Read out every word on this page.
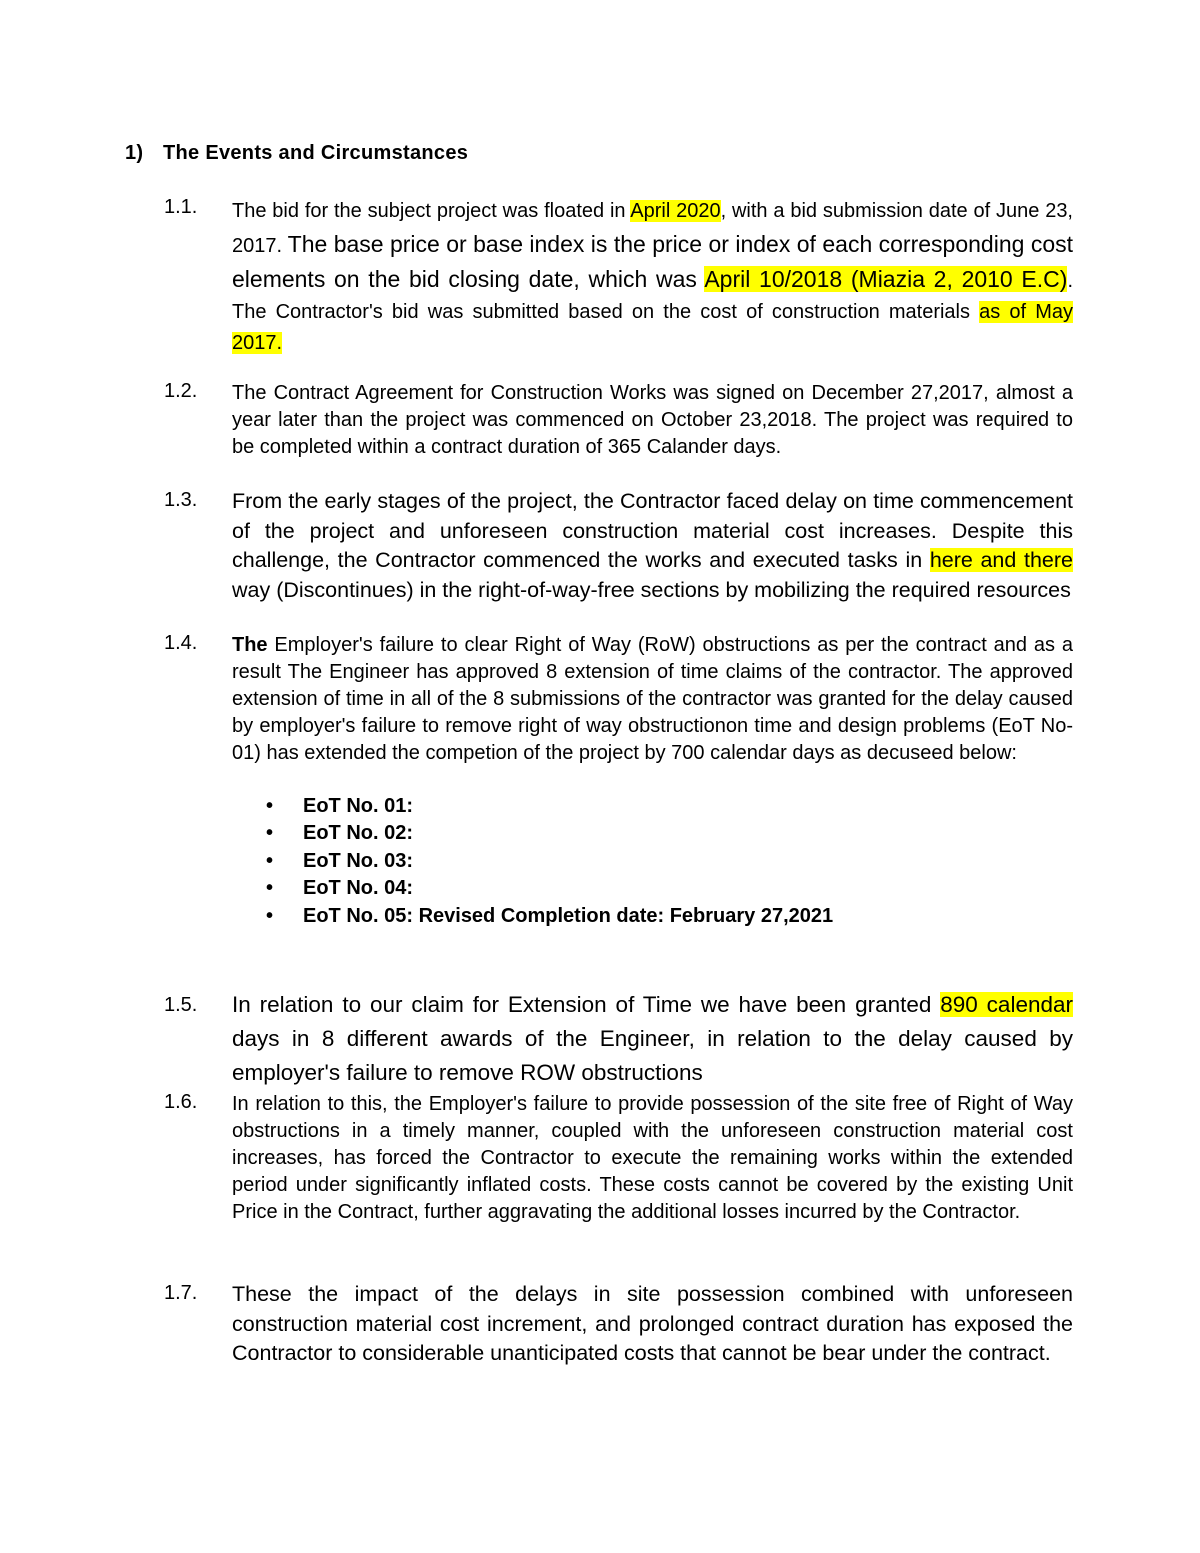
1) The Events and Circumstances
1.1. The bid for the subject project was floated in April 2020, with a bid submission date of June 23, 2017. The base price or base index is the price or index of each corresponding cost elements on the bid closing date, which was April 10/2018 (Miazia 2, 2010 E.C). The Contractor's bid was submitted based on the cost of construction materials as of May 2017.
1.2. The Contract Agreement for Construction Works was signed on December 27,2017, almost a year later than the project was commenced on October 23,2018. The project was required to be completed within a contract duration of 365 Calander days.
1.3. From the early stages of the project, the Contractor faced delay on time commencement of the project and unforeseen construction material cost increases. Despite this challenge, the Contractor commenced the works and executed tasks in here and there way (Discontinues) in the right-of-way-free sections by mobilizing the required resources
1.4. The Employer's failure to clear Right of Way (RoW) obstructions as per the contract and as a result The Engineer has approved 8 extension of time claims of the contractor. The approved extension of time in all of the 8 submissions of the contractor was granted for the delay caused by employer's failure to remove right of way obstructionon time and design problems (EoT No-01) has extended the competion of the project by 700 calendar days as decuseed below:
• EoT No. 01:
• EoT No. 02:
• EoT No. 03:
• EoT No. 04:
• EoT No. 05: Revised Completion date: February 27,2021
1.5. In relation to our claim for Extension of Time we have been granted 890 calendar days in 8 different awards of the Engineer, in relation to the delay caused by employer's failure to remove ROW obstructions
1.6. In relation to this, the Employer's failure to provide possession of the site free of Right of Way obstructions in a timely manner, coupled with the unforeseen construction material cost increases, has forced the Contractor to execute the remaining works within the extended period under significantly inflated costs. These costs cannot be covered by the existing Unit Price in the Contract, further aggravating the additional losses incurred by the Contractor.
1.7. These the impact of the delays in site possession combined with unforeseen construction material cost increment, and prolonged contract duration has exposed the Contractor to considerable unanticipated costs that cannot be bear under the contract.
